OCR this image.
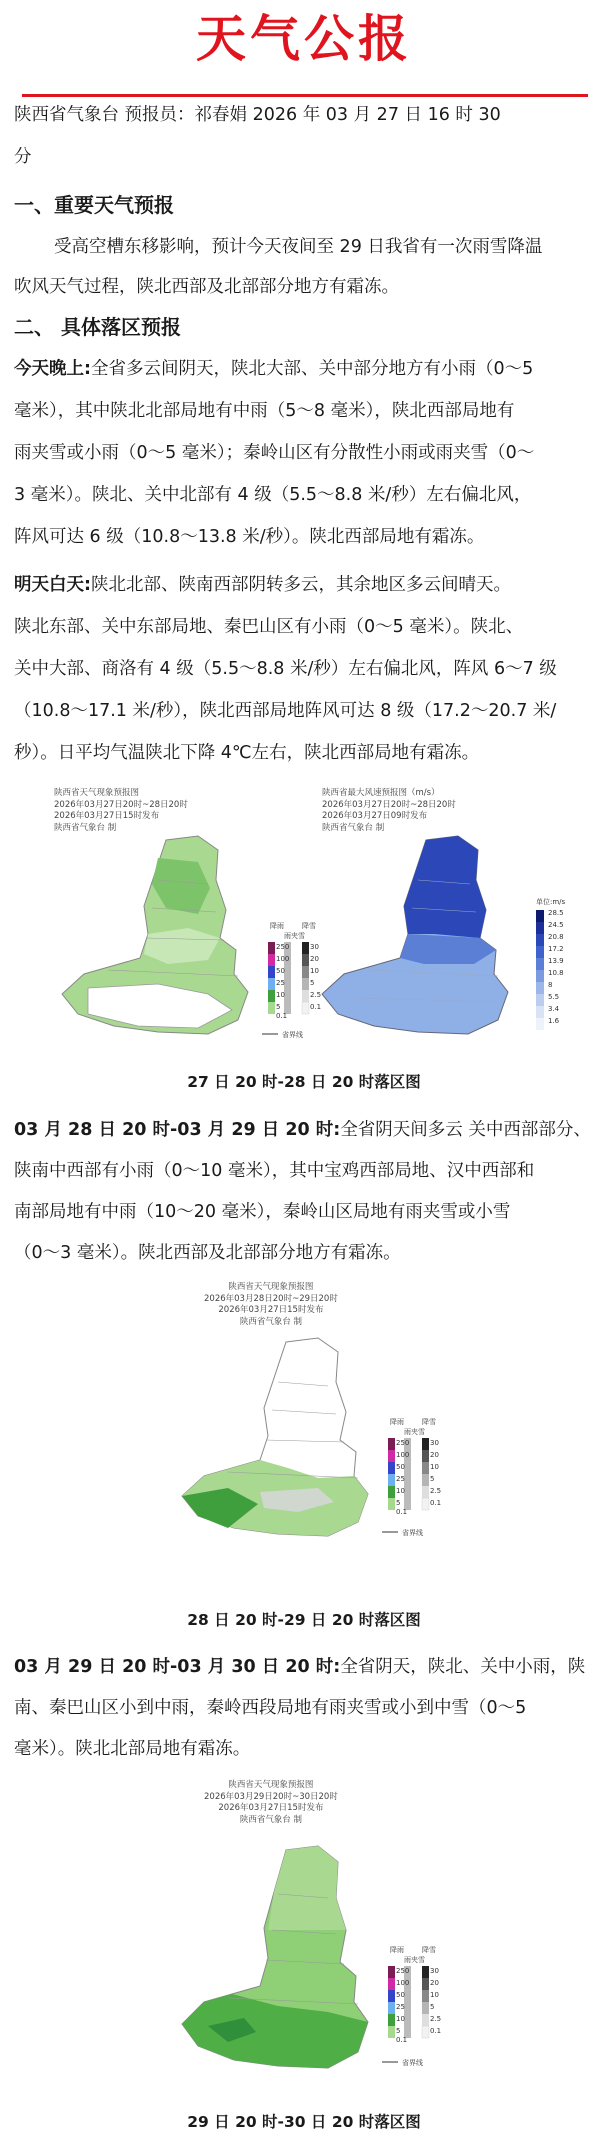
天气公报
陕西省气象台 预报员：祁春娟 2026 年 03 月 27 日 16 时 30
分
一、重要天气预报
受高空槽东移影响，预计今天夜间至 29 日我省有一次雨雪降温
吹风天气过程，陕北西部及北部部分地方有霜冻。
二、 具体落区预报
今天晚上:全省多云间阴天，陕北大部、关中部分地方有小雨（0～5
毫米），其中陕北北部局地有中雨（5～8 毫米），陕北西部局地有
雨夹雪或小雨（0～5 毫米）；秦岭山区有分散性小雨或雨夹雪（0～
3 毫米）。陕北、关中北部有 4 级（5.5～8.8 米/秒）左右偏北风，
阵风可达 6 级（10.8～13.8 米/秒）。陕北西部局地有霜冻。
明天白天:陕北北部、陕南西部阴转多云，其余地区多云间晴天。
陕北东部、关中东部局地、秦巴山区有小雨（0～5 毫米）。陕北、
关中大部、商洛有 4 级（5.5～8.8 米/秒）左右偏北风，阵风 6～7 级
（10.8～17.1 米/秒），陕北西部局地阵风可达 8 级（17.2～20.7 米/
秒）。日平均气温陕北下降 4℃左右，陕北西部局地有霜冻。
陕西省天气现象预报图
2026年03月27日20时~28日20时
2026年03月27日15时发布
陕西省气象台 制
降雨	降雪
雨夹雪
250
100
50
25
10
5
0.1
30
20
10
5
2.5
0.1
省界线
陕西省最大风速预报图（m/s）
2026年03月27日20时~28日20时
2026年03月27日09时发布
陕西省气象台 制
单位:m/s
28.5
24.5
20.8
17.2
13.9
10.8
8
5.5
3.4
1.6
27 日 20 时-28 日 20 时落区图
03 月 28 日 20 时-03 月 29 日 20 时:全省阴天间多云 关中西部部分、
陕南中西部有小雨（0～10 毫米），其中宝鸡西部局地、汉中西部和
南部局地有中雨（10～20 毫米），秦岭山区局地有雨夹雪或小雪
（0～3 毫米）。陕北西部及北部部分地方有霜冻。
陕西省天气现象预报图
2026年03月28日20时~29日20时
2026年03月27日15时发布
陕西省气象台 制
降雨	降雪
雨夹雪
250
100
50
25
10
5
0.1
30
20
10
5
2.5
0.1
省界线
28 日 20 时-29 日 20 时落区图
03 月 29 日 20 时-03 月 30 日 20 时:全省阴天，陕北、关中小雨，陕
南、秦巴山区小到中雨，秦岭西段局地有雨夹雪或小到中雪（0～5
毫米）。陕北北部局地有霜冻。
陕西省天气现象预报图
2026年03月29日20时~30日20时
2026年03月27日15时发布
陕西省气象台 制
降雨	降雪
雨夹雪
250
100
50
25
10
5
0.1
30
20
10
5
2.5
0.1
省界线
29 日 20 时-30 日 20 时落区图
